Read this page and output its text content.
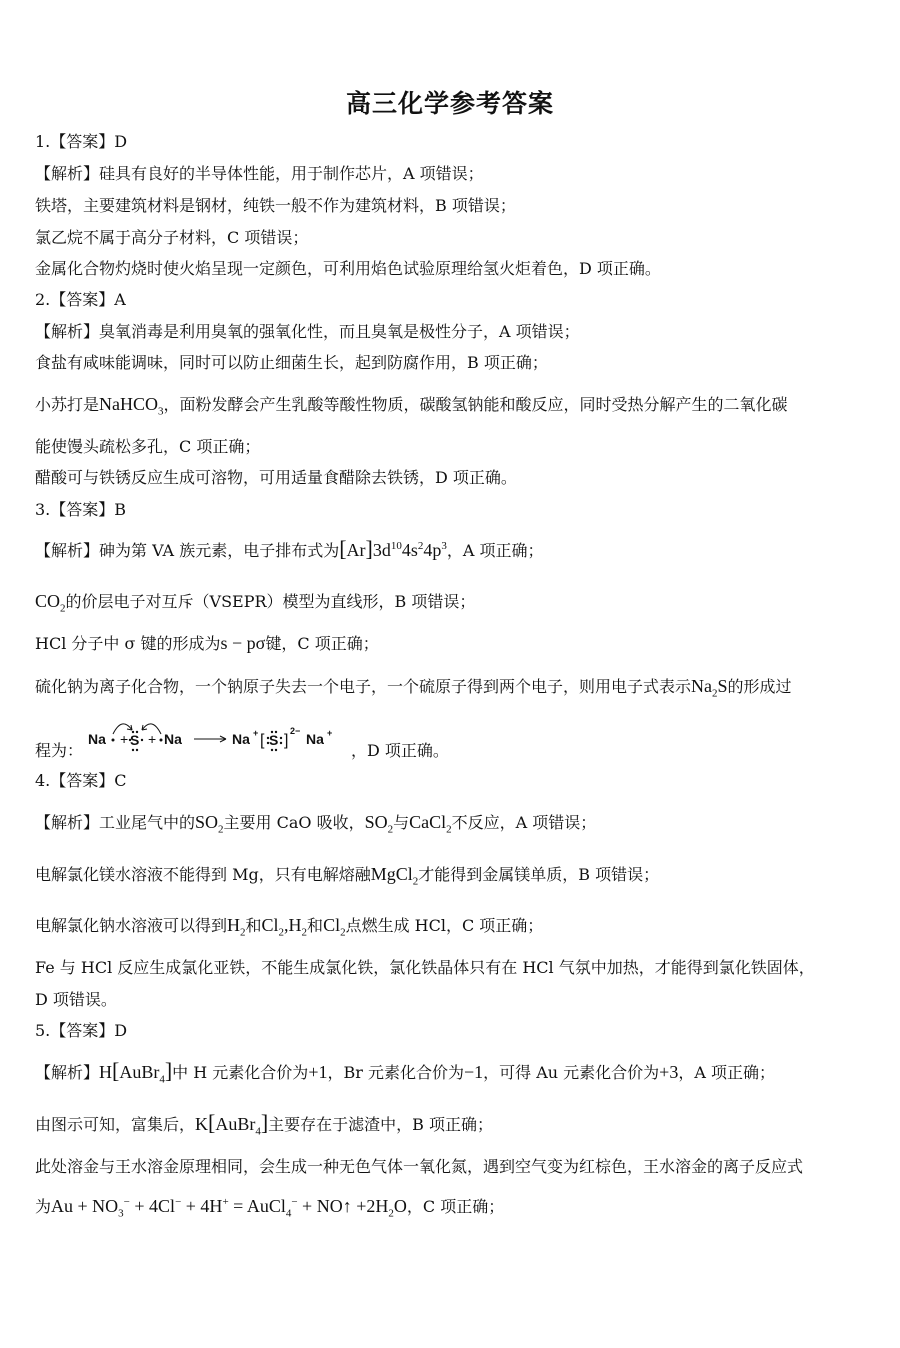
高三化学参考答案
1.【答案】D
【解析】硅具有良好的半导体性能，用于制作芯片，A 项错误；
铁塔，主要建筑材料是钢材，纯铁一般不作为建筑材料，B 项错误；
氯乙烷不属于高分子材料，C 项错误；
金属化合物灼烧时使火焰呈现一定颜色，可利用焰色试验原理给氢火炬着色，D 项正确。
2.【答案】A
【解析】臭氧消毒是利用臭氧的强氧化性，而且臭氧是极性分子，A 项错误；
食盐有咸味能调味，同时可以防止细菌生长，起到防腐作用，B 项正确；
小苏打是NaHCO$_3$，面粉发酵会产生乳酸等酸性物质，碳酸氢钠能和酸反应，同时受热分解产生的二氧化碳
能使馒头疏松多孔，C 项正确；
醋酸可与铁锈反应生成可溶物，可用适量食醋除去铁锈，D 项正确。
3.【答案】B
【解析】砷为第 VA 族元素，电子排布式为$[Ar]3d^{10}4s^24p^3$，A 项正确；
$CO_2$的价层电子对互斥（VSEPR）模型为直线形，B 项错误；
HCl 分子中 σ 键的形成为s − pσ键，C 项正确；
硫化钠为离子化合物，一个钠原子失去一个电子，一个硫原子得到两个电子，则用电子式表示$Na_2S$的形成过
程为：	，D 项正确。
Na + S + Na	Na + [ S ]
2− Na +
4.【答案】C
【解析】工业尾气中的$SO_2$主要用 CaO 吸收，$SO_2$与CaCl$_2$不反应，A 项错误；
电解氯化镁水溶液不能得到 Mg，只有电解熔融MgCl$_2$才能得到金属镁单质，B 项错误；
电解氯化钠水溶液可以得到$H_2$和$Cl_2,H_2$和$Cl_2$点燃生成 HCl，C 项正确；
Fe 与 HCl 反应生成氯化亚铁，不能生成氯化铁，氯化铁晶体只有在 HCl 气氛中加热，才能得到氯化铁固体，
D 项错误。
5.【答案】D
【解析】H[AuBr$_4$]中 H 元素化合价为+1，Br 元素化合价为−1，可得 Au 元素化合价为+3，A 项正确；
由图示可知，富集后，K[AuBr$_4$]主要存在于滤渣中，B 项正确；
此处溶金与王水溶金原理相同，会生成一种无色气体一氧化氮，遇到空气变为红棕色，王水溶金的离子反应式
为$Au + NO_3^- + 4Cl^- + 4H^+$ = AuCl$_4$− + NO↑ $+2H_2O$，C 项正确；
